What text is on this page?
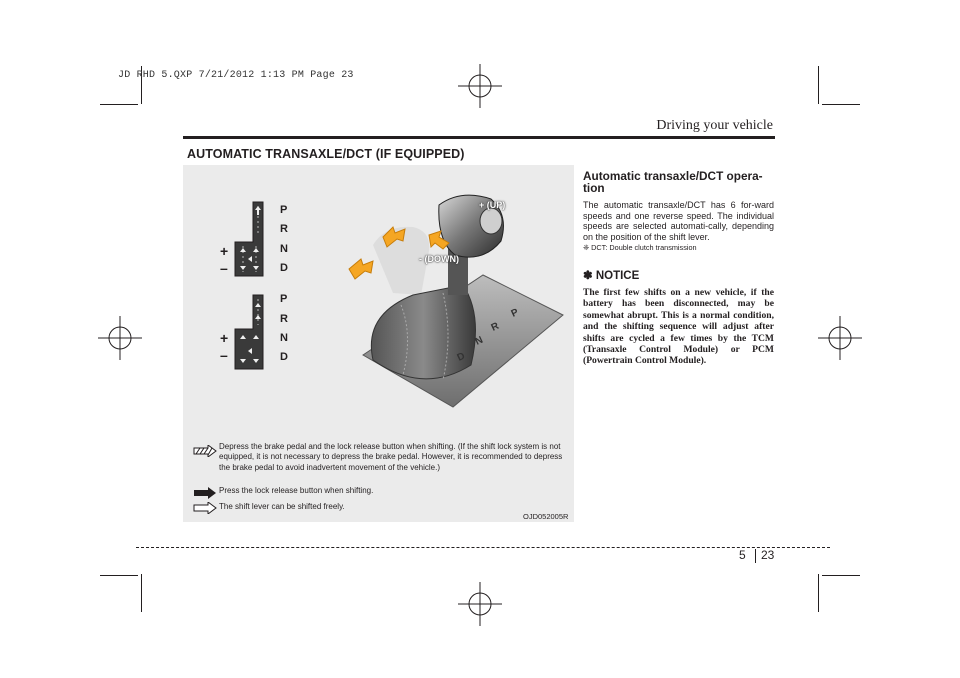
JD RHD 5.QXP 7/21/2012 1:13 PM Page 23
Driving your vehicle
AUTOMATIC TRANSAXLE/DCT (IF EQUIPPED)
P
R
N
D
+
–
P
R
N
D
+
–
P
R
N
D
+ (UP)
- (DOWN)
Depress the brake pedal and the lock release button when shifting. (If the shift lock system is not equipped, it is not necessary to depress the brake pedal. However, it is recommended to depress the brake pedal to avoid inadvertent movement of the vehicle.)
Press the lock release button when shifting.
The shift lever can be shifted freely.
OJD052005R
Automatic transaxle/DCT opera-tion

The automatic transaxle/DCT has 6 for-ward speeds and one reverse speed. The individual speeds are selected automati-cally, depending on the position of the shift lever.

❈ DCT: Double clutch transmission

✽ NOTICE

The first few shifts on a new vehicle, if the battery has been disconnected, may be somewhat abrupt. This is a normal condition, and the shifting sequence will adjust after shifts are cycled a few times by the TCM (Transaxle Control Module) or PCM (Powertrain Control Module).

5 23
